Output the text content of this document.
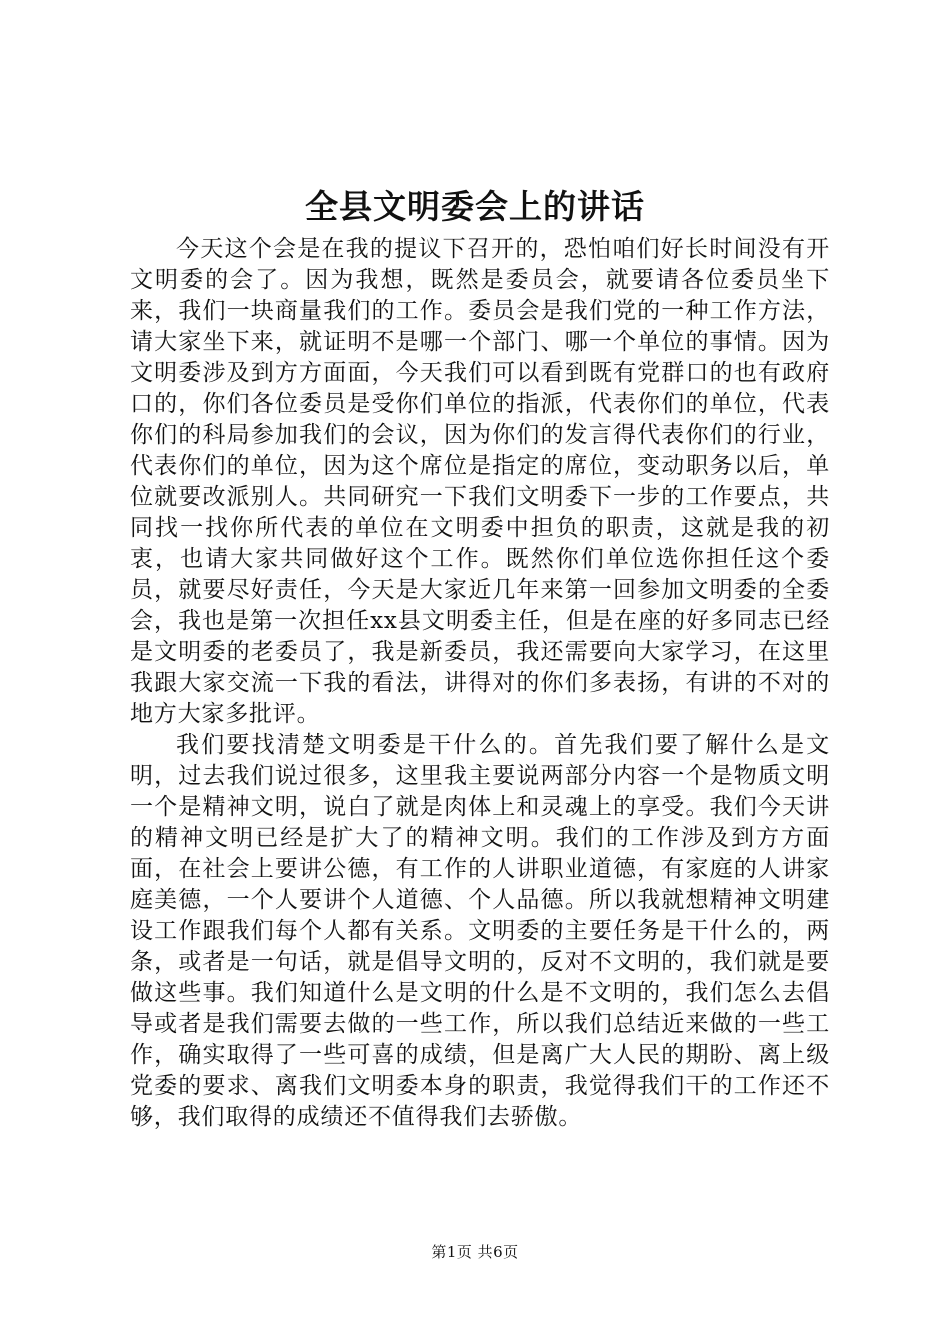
全县文明委会上的讲话

今天这个会是在我的提议下召开的，恐怕咱们好长时间没有开文明委的会了。因为我想，既然是委员会，就要请各位委员坐下来，我们一块商量我们的工作。委员会是我们党的一种工作方法，请大家坐下来，就证明不是哪一个部门、哪一个单位的事情。因为文明委涉及到方方面面，今天我们可以看到既有党群口的也有政府口的，你们各位委员是受你们单位的指派，代表你们的单位，代表你们的科局参加我们的会议，因为你们的发言得代表你们的行业，代表你们的单位，因为这个席位是指定的席位，变动职务以后，单位就要改派别人。共同研究一下我们文明委下一步的工作要点，共同找一找你所代表的单位在文明委中担负的职责，这就是我的初衷，也请大家共同做好这个工作。既然你们单位选你担任这个委员，就要尽好责任，今天是大家近几年来第一回参加文明委的全委会，我也是第一次担任xx县文明委主任，但是在座的好多同志已经是文明委的老委员了，我是新委员，我还需要向大家学习，在这里我跟大家交流一下我的看法，讲得对的你们多表扬，有讲的不对的地方大家多批评。

我们要找清楚文明委是干什么的。首先我们要了解什么是文明，过去我们说过很多，这里我主要说两部分内容一个是物质文明一个是精神文明，说白了就是肉体上和灵魂上的享受。我们今天讲的精神文明已经是扩大了的精神文明。我们的工作涉及到方方面面，在社会上要讲公德，有工作的人讲职业道德，有家庭的人讲家庭美德，一个人要讲个人道德、个人品德。所以我就想精神文明建设工作跟我们每个人都有关系。文明委的主要任务是干什么的，两条，或者是一句话，就是倡导文明的，反对不文明的，我们就是要做这些事。我们知道什么是文明的什么是不文明的，我们怎么去倡导或者是我们需要去做的一些工作，所以我们总结近来做的一些工作，确实取得了一些可喜的成绩，但是离广大人民的期盼、离上级党委的要求、离我们文明委本身的职责，我觉得我们干的工作还不够，我们取得的成绩还不值得我们去骄傲。

第1页 共6页
